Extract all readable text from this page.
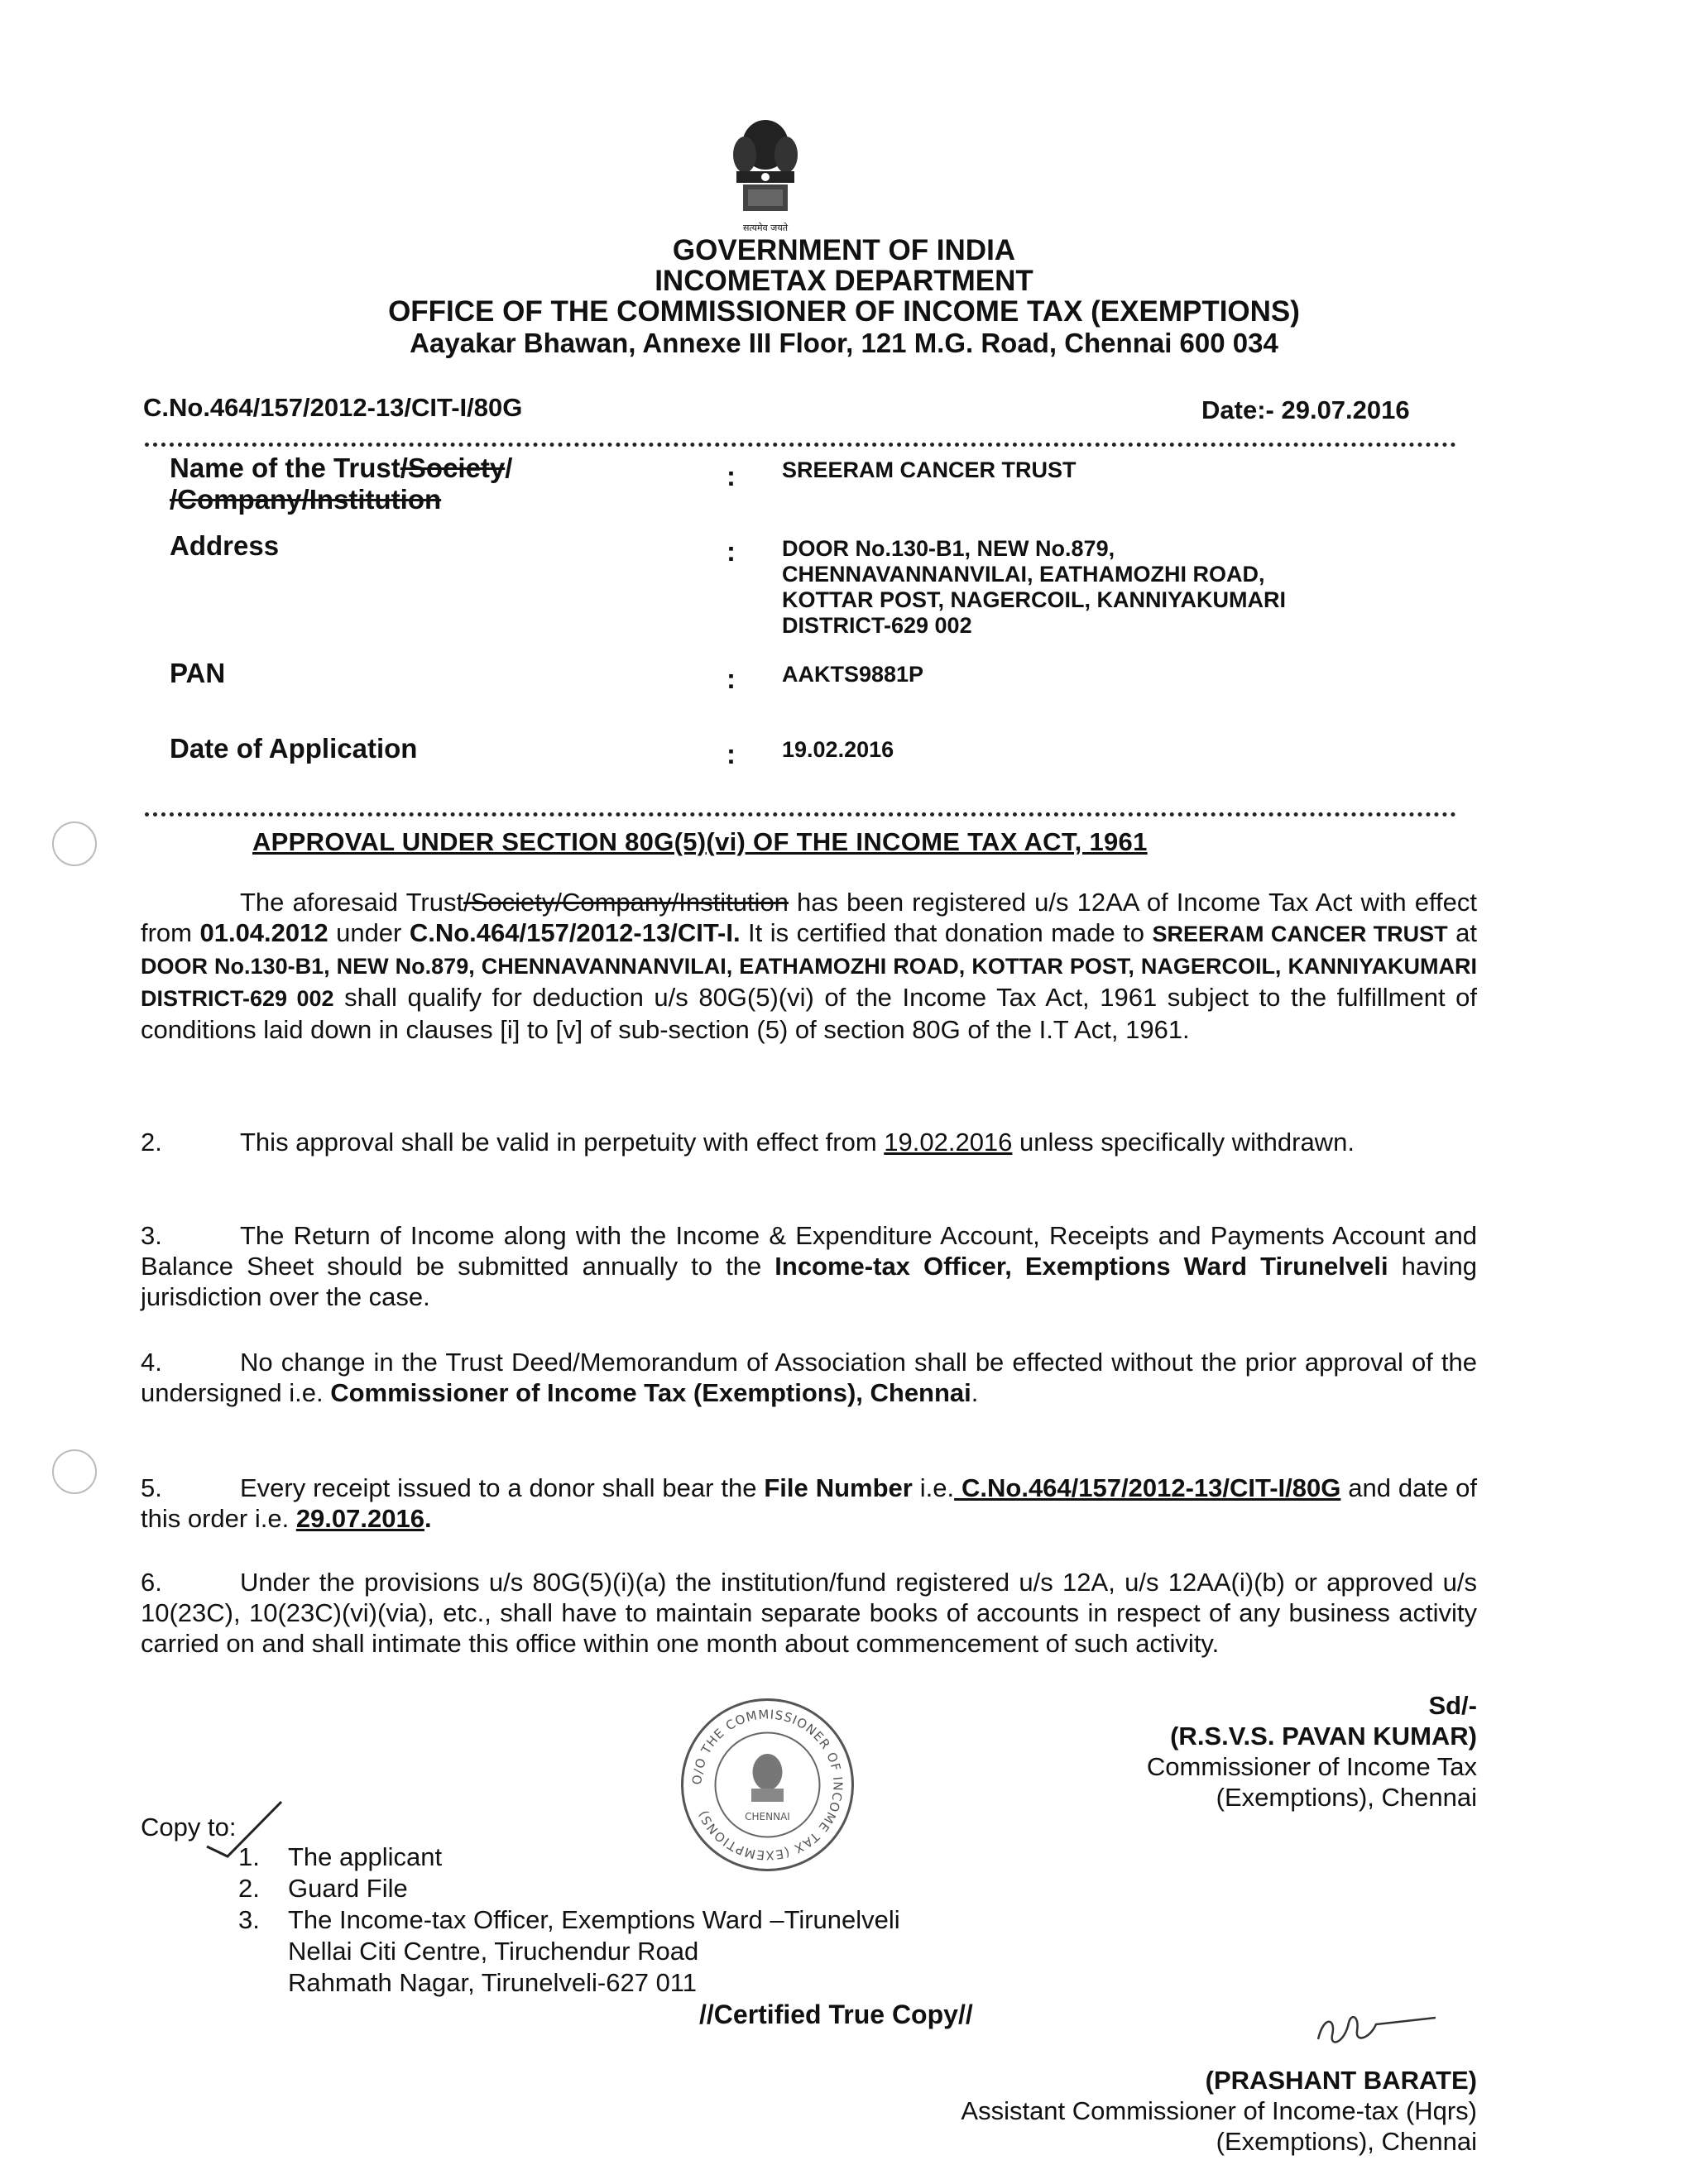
सत्यमेव जयते
GOVERNMENT OF INDIA
INCOMETAX DEPARTMENT
OFFICE OF THE COMMISSIONER OF INCOME TAX (EXEMPTIONS)
Aayakar Bhawan, Annexe III Floor, 121 M.G. Road, Chennai 600 034
C.No.464/157/2012-13/CIT-I/80G	Date:- 29.07.2016
Name of the Trust/Society/
/Company/Institution
: SREERAM CANCER TRUST
Address	: DOOR No.130-B1, NEW No.879,
CHENNAVANNANVILAI, EATHAMOZHI ROAD,
KOTTAR POST, NAGERCOIL, KANNIYAKUMARI
DISTRICT-629 002
PAN	: AAKTS9881P
Date of Application	: 19.02.2016
APPROVAL UNDER SECTION 80G(5)(vi) OF THE INCOME TAX ACT, 1961

The aforesaid Trust/Society/Company/Institution has been registered u/s 12AA of Income Tax Act with effect from 01.04.2012 under C.No.464/157/2012-13/CIT-I. It is certified that donation made to SREERAM CANCER TRUST at DOOR No.130-B1, NEW No.879, CHENNAVANNANVILAI, EATHAMOZHI ROAD, KOTTAR POST, NAGERCOIL, KANNIYAKUMARI DISTRICT-629 002 shall qualify for deduction u/s 80G(5)(vi) of the Income Tax Act, 1961 subject to the fulfillment of conditions laid down in clauses [i] to [v] of sub-section (5) of section 80G of the I.T Act, 1961.

2.	This approval shall be valid in perpetuity with effect from 19.02.2016 unless specifically withdrawn.

3.	The Return of Income along with the Income & Expenditure Account, Receipts and Payments Account and Balance Sheet should be submitted annually to the Income-tax Officer, Exemptions Ward Tirunelveli having jurisdiction over the case.

4.	No change in the Trust Deed/Memorandum of Association shall be effected without the prior approval of the undersigned i.e. Commissioner of Income Tax (Exemptions), Chennai.

5.	Every receipt issued to a donor shall bear the File Number i.e. C.No.464/157/2012-13/CIT-I/80G and date of this order i.e. 29.07.2016.

6.	Under the provisions u/s 80G(5)(i)(a) the institution/fund registered u/s 12A, u/s 12AA(i)(b) or approved u/s 10(23C), 10(23C)(vi)(via), etc., shall have to maintain separate books of accounts in respect of any business activity carried on and shall intimate this office within one month about commencement of such activity.

Sd/-
(R.S.V.S. PAVAN KUMAR)
Commissioner of Income Tax
(Exemptions), Chennai
O/O THE COMMISSIONER OF INCOME TAX (EXEMPTIONS)	CHENNAI
Copy to:
1. The applicant
2. Guard File
3. The Income-tax Officer, Exemptions Ward –Tirunelveli
Nellai Citi Centre, Tiruchendur Road
Rahmath Nagar, Tirunelveli-627 011
//Certified True Copy//
(PRASHANT BARATE)
Assistant Commissioner of Income-tax (Hqrs)
(Exemptions), Chennai
